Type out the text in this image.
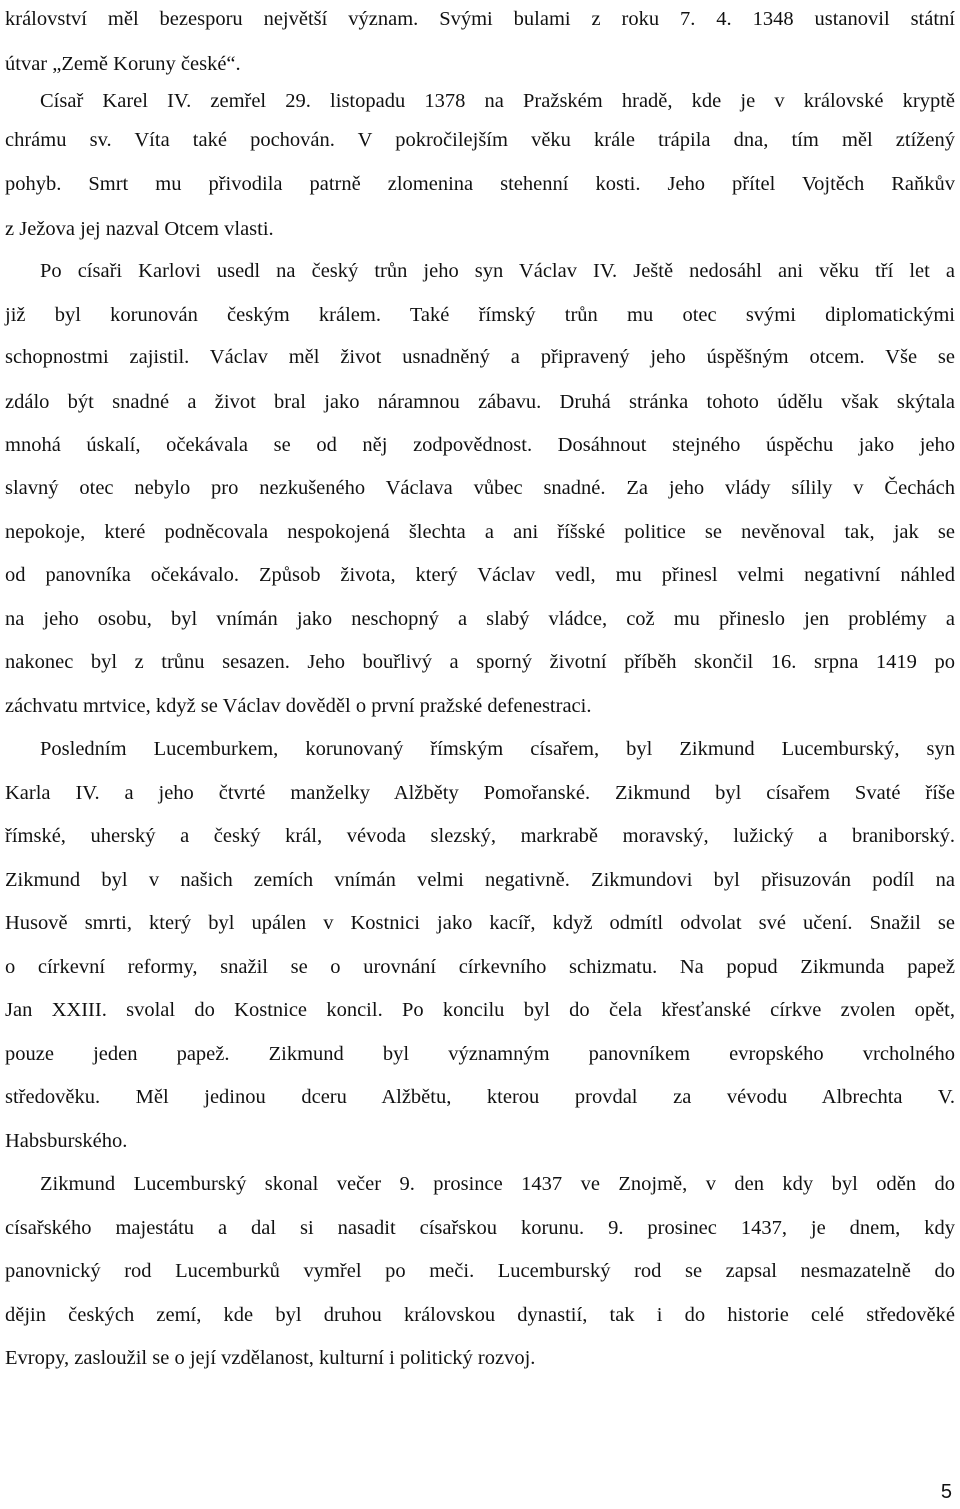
království měl bezesporu největší význam. Svými bulami z roku 7. 4. 1348 ustanovil státní
útvar „Země Koruny české“.
Císař Karel IV. zemřel 29. listopadu 1378 na Pražském hradě, kde je v královské kryptě
chrámu sv. Víta také pochován. V pokročilejším věku krále trápila dna, tím měl ztížený
pohyb. Smrt mu přivodila patrně zlomenina stehenní kosti. Jeho přítel Vojtěch Raňkův
z Ježova jej nazval Otcem vlasti.
Po císaři Karlovi usedl na český trůn jeho syn Václav IV. Ještě nedosáhl ani věku tří let a
již byl korunován českým králem. Také římský trůn mu otec svými diplomatickými
schopnostmi zajistil. Václav měl život usnadněný a připravený jeho úspěšným otcem. Vše se
zdálo být snadné a život bral jako náramnou zábavu. Druhá stránka tohoto údělu však skýtala
mnohá úskalí, očekávala se od něj zodpovědnost. Dosáhnout stejného úspěchu jako jeho
slavný otec nebylo pro nezkušeného Václava vůbec snadné. Za jeho vlády sílily v Čechách
nepokoje, které podněcovala nespokojená šlechta a ani říšské politice se nevěnoval tak, jak se
od panovníka očekávalo. Způsob života, který Václav vedl, mu přinesl velmi negativní náhled
na jeho osobu, byl vnímán jako neschopný a slabý vládce, což mu přineslo jen problémy a
nakonec byl z trůnu sesazen. Jeho bouřlivý a sporný životní příběh skončil 16. srpna 1419 po
záchvatu mrtvice, když se Václav dověděl o první pražské defenestraci.
Posledním Lucemburkem, korunovaný římským císařem, byl Zikmund Lucemburský, syn
Karla IV. a jeho čtvrté manželky Alžběty Pomořanské. Zikmund byl císařem Svaté říše
římské, uherský a český král, vévoda slezský, markrabě moravský, lužický a braniborský.
Zikmund byl v našich zemích vnímán velmi negativně. Zikmundovi byl přisuzován podíl na
Husově smrti, který byl upálen v Kostnici jako kacíř, když odmítl odvolat své učení. Snažil se
o církevní reformy, snažil se o urovnání církevního schizmatu. Na popud Zikmunda papež
Jan XXIII. svolal do Kostnice koncil. Po koncilu byl do čela křesťanské církve zvolen opět,
pouze jeden papež. Zikmund byl významným panovníkem evropského vrcholného
středověku. Měl jedinou dceru Alžbětu, kterou provdal za vévodu Albrechta V.
Habsburského.
Zikmund Lucemburský skonal večer 9. prosince 1437 ve Znojmě, v den kdy byl oděn do
císařského majestátu a dal si nasadit císařskou korunu. 9. prosinec 1437, je dnem, kdy
panovnický rod Lucemburků vymřel po meči. Lucemburský rod se zapsal nesmazatelně do
dějin českých zemí, kde byl druhou královskou dynastií, tak i do historie celé středověké
Evropy, zasloužil se o její vzdělanost, kulturní i politický rozvoj.
5
